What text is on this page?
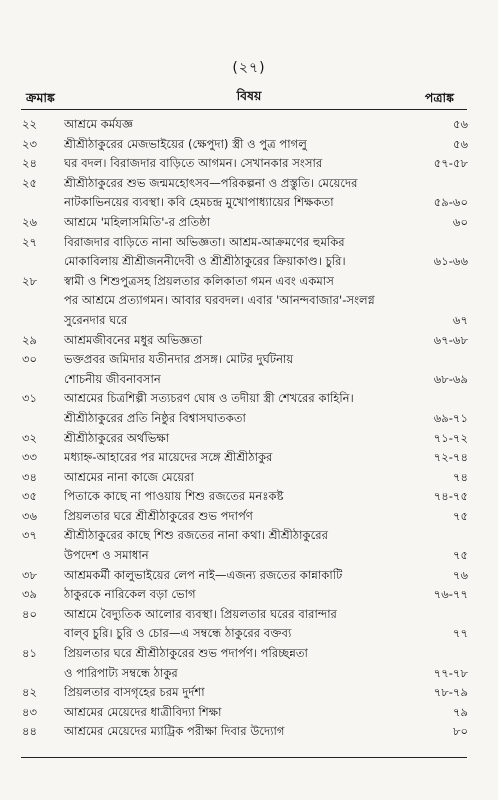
(২৭)
ক্রমাঙ্ক	বিষয়	পত্রাঙ্ক
২২	আশ্রমে কর্মযজ্ঞ	৫৬
২৩	শ্রীশ্রীঠাকুরের মেজভাইয়ের (ক্ষেপুদা) স্ত্রী ও পুত্র পাগলু	৫৬
২৪	ঘর বদল। বিরাজদার বাড়িতে আগমন। সেখানকার সংসার	৫৭-৫৮
২৫	শ্রীশ্রীঠাকুরের শুভ জন্মমহোৎসব—পরিকল্পনা ও প্রস্তুতি। মেয়েদের
নাটকাভিনয়ের ব্যবস্থা। কবি হেমচন্দ্র মুখোপাধ্যায়ের শিক্ষকতা	৫৯-৬০
২৬	আশ্রমে 'মহিলাসমিতি'-র প্রতিষ্ঠা	৬০
২৭	বিরাজদার বাড়িতে নানা অভিজ্ঞতা। আশ্রম-আক্রমণের হুমকির
মোকাবিলায় শ্রীশ্রীজননীদেবী ও শ্রীশ্রীঠাকুরের ক্রিয়াকাণ্ড। চুরি।	৬১-৬৬
২৮	স্বামী ও শিশুপুত্রসহ প্রিয়লতার কলিকাতা গমন এবং একমাস
পর আশ্রমে প্রত্যাগমন। আবার ঘরবদল। এবার 'আনন্দবাজার'-সংলগ্ন
সুরেনদার ঘরে	৬৭
২৯	আশ্রমজীবনের মধুর অভিজ্ঞতা	৬৭-৬৮
৩০	ভক্তপ্রবর জমিদার যতীনদার প্রসঙ্গ। মোটর দুর্ঘটনায়
শোচনীয় জীবনাবসান	৬৮-৬৯
৩১	আশ্রমের চিত্রশিল্পী সত্যচরণ ঘোষ ও তদীয়া স্ত্রী শেখরের কাহিনি।
শ্রীশ্রীঠাকুরের প্রতি নিষ্ঠুর বিশ্বাসঘাতকতা	৬৯-৭১
৩২	শ্রীশ্রীঠাকুরের অর্থভিক্ষা	৭১-৭২
৩৩	মধ্যাহ্ন-আহারের পর মায়েদের সঙ্গে শ্রীশ্রীঠাকুর	৭২-৭৪
৩৪	আশ্রমের নানা কাজে মেয়েরা	৭৪
৩৫	পিতাকে কাছে না পাওয়ায় শিশু রজতের মনঃকষ্ট	৭৪-৭৫
৩৬	প্রিয়লতার ঘরে শ্রীশ্রীঠাকুরের শুভ পদার্পণ	৭৫
৩৭	শ্রীশ্রীঠাকুরের কাছে শিশু রজতের নানা কথা। শ্রীশ্রীঠাকুরের
উপদেশ ও সমাধান	৭৫
৩৮	আশ্রমকর্মী কালুভাইয়ের লেপ নাই—এজন্য রজতের কান্নাকাটি	৭৬
৩৯	ঠাকুরকে নারিকেল বড়া ভোগ	৭৬-৭৭
৪০	আশ্রমে বৈদ্যুতিক আলোর ব্যবস্থা। প্রিয়লতার ঘরের বারান্দার
বাল্‌ব চুরি। চুরি ও চোর—এ সম্বন্ধে ঠাকুরের বক্তব্য	৭৭
৪১	প্রিয়লতার ঘরে শ্রীশ্রীঠাকুরের শুভ পদার্পণ। পরিচ্ছন্নতা
ও পারিপাট্য সম্বন্ধে ঠাকুর	৭৭-৭৮
৪২	প্রিয়লতার বাসগৃহের চরম দুর্দশা	৭৮-৭৯
৪৩	আশ্রমের মেয়েদের ধাত্রীবিদ্যা শিক্ষা	৭৯
৪৪	আশ্রমের মেয়েদের ম্যাট্রিক পরীক্ষা দিবার উদ্যোগ	৮০
